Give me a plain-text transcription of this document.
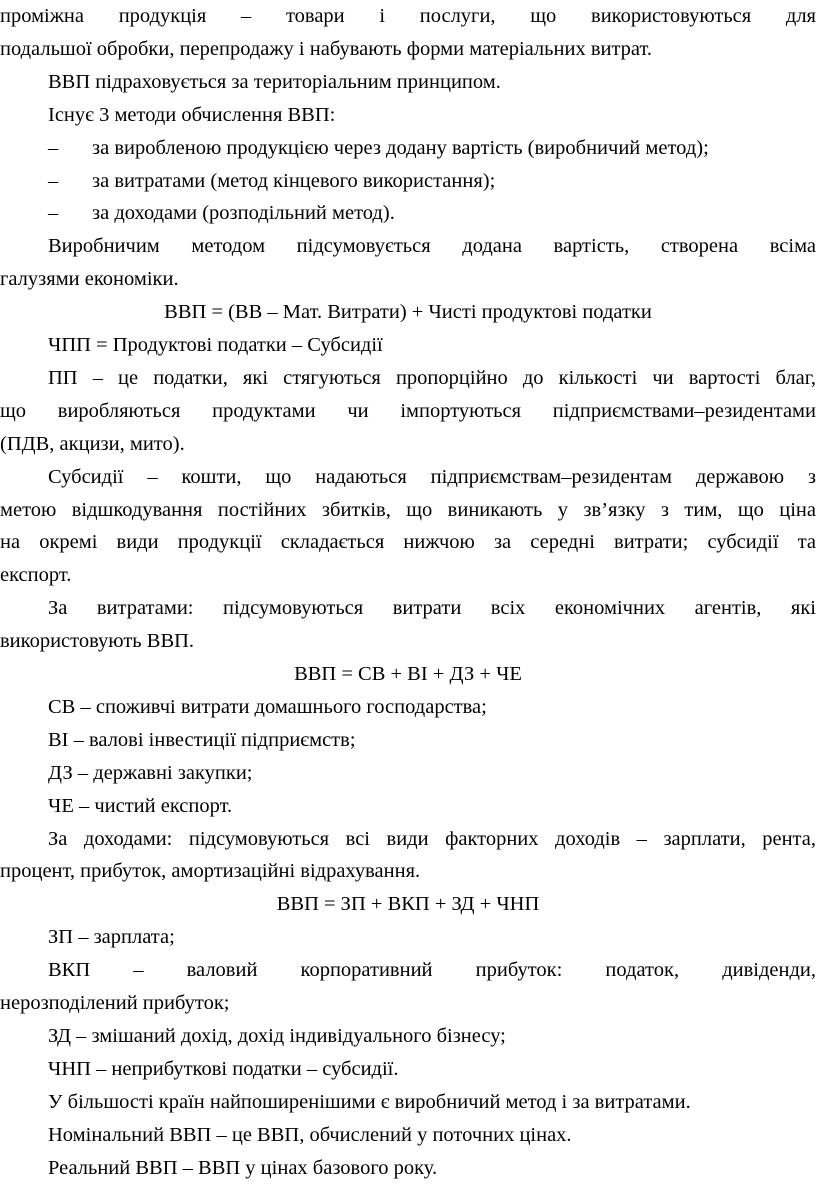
проміжна продукція – товари і послуги, що використовуються для
подальшої обробки, перепродажу і набувають форми матеріальних витрат.
ВВП підраховується за територіальним принципом.
Існує 3 методи обчислення ВВП:
–	за виробленою продукцією через додану вартість (виробничий метод);
–	за витратами (метод кінцевого використання);
–	за доходами (розподільний метод).
Виробничим методом підсумовується додана вартість, створена всіма
галузями економіки.
ВВП = (ВВ – Мат. Витрати) + Чисті продуктові податки
ЧПП = Продуктові податки – Субсидії
ПП – це податки, які стягуються пропорційно до кількості чи вартості благ,
що виробляються продуктами чи імпортуються підприємствами–резидентами
(ПДВ, акцизи, мито).
Субсидії – кошти, що надаються підприємствам–резидентам державою з
метою відшкодування постійних збитків, що виникають у зв’язку з тим, що ціна
на окремі види продукції складається нижчою за середні витрати; субсидії та
експорт.
За витратами: підсумовуються витрати всіх економічних агентів, які
використовують ВВП.
ВВП = СВ + ВІ + ДЗ + ЧЕ
СВ – споживчі витрати домашнього господарства;
ВІ – валові інвестиції підприємств;
ДЗ – державні закупки;
ЧЕ – чистий експорт.
За доходами: підсумовуються всі види факторних доходів – зарплати, рента,
процент, прибуток, амортизаційні відрахування.
ВВП = ЗП + ВКП + ЗД + ЧНП
ЗП – зарплата;
ВКП – валовий корпоративний прибуток: податок, дивіденди,
нерозподілений прибуток;
ЗД – змішаний дохід, дохід індивідуального бізнесу;
ЧНП – неприбуткові податки – субсидії.
У більшості країн найпоширенішими є виробничий метод і за витратами.
Номінальний ВВП – це ВВП, обчислений у поточних цінах.
Реальний ВВП – ВВП у цінах базового року.
